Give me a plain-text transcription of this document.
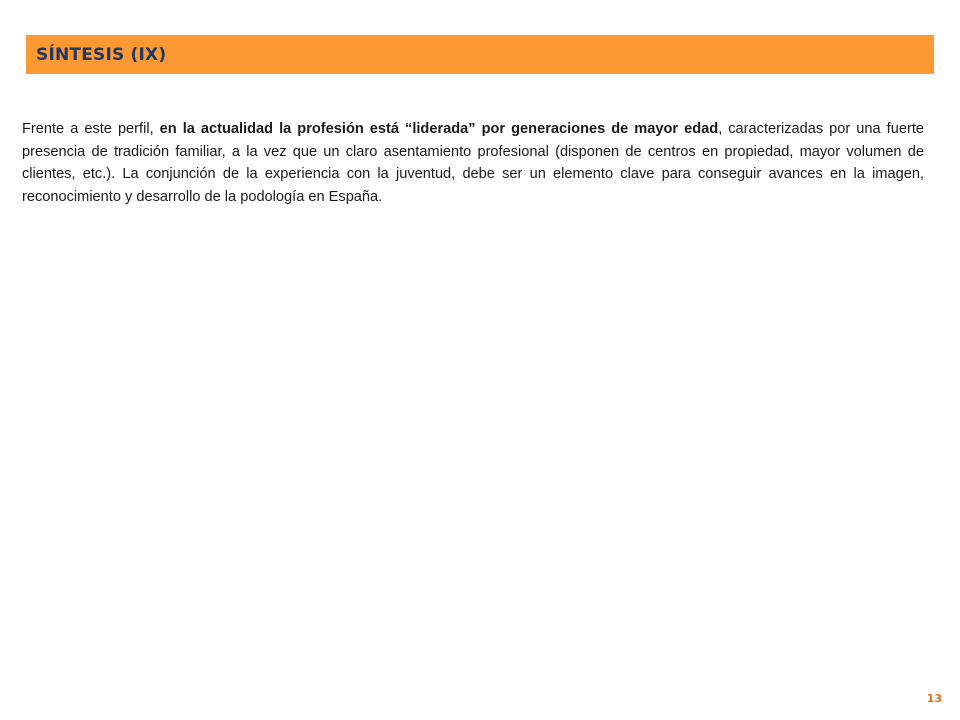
SÍNTESIS (IX)

Frente a este perfil, en la actualidad la profesión está “liderada” por generaciones de mayor edad, caracterizadas por una fuerte presencia de tradición familiar, a la vez que un claro asentamiento profesional (disponen de centros en propiedad, mayor volumen de clientes, etc.). La conjunción de la experiencia con la juventud, debe ser un elemento clave para conseguir avances en la imagen, reconocimiento y desarrollo de la podología en España.

13
